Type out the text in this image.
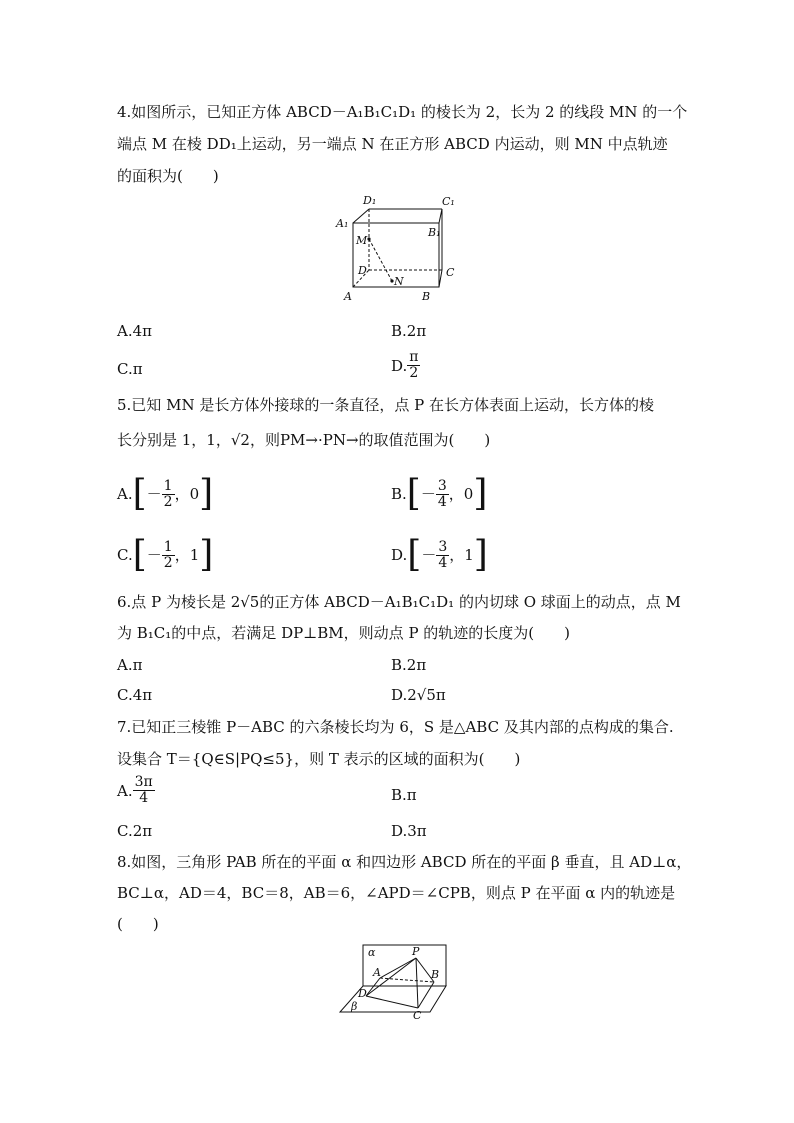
4.如图所示，已知正方体 ABCD－A₁B₁C₁D₁ 的棱长为 2，长为 2 的线段 MN 的一个
端点 M 在棱 DD₁上运动，另一端点 N 在正方形 ABCD 内运动，则 MN 中点轨迹
的面积为(　　)
D₁	C₁
A₁
B₁
M
D	C
N
A	B
A.4π	B.2π
C.π	D. $\frac{\pi}{2}$
5.已知 MN 是长方体外接球的一条直径，点 P 在长方体表面上运动，长方体的棱
长分别是 1，1，√2，则PM→·PN→的取值范围为(　　)
$A.[- \frac{1}{2}$ ，0]	$B.[- \frac{3}{4}$ ，0]
$C.[- \frac{1}{2}$ ，1]	$D.[- \frac{3}{4}$ ，1]
6.点 P 为棱长是 2√5的正方体 ABCD－A₁B₁C₁D₁ 的内切球 O 球面上的动点，点 M
为 B₁C₁的中点，若满足 DP⊥BM，则动点 P 的轨迹的长度为(　　)
A.π	B.2π
C.4π	D.2√5π
7.已知正三棱锥 P－ABC 的六条棱长均为 6，S 是△ABC 及其内部的点构成的集合.
设集合 T＝{Q∈S|PQ≤5}，则 T 表示的区域的面积为(　　)
A. $\frac{3\pi}{4}$	B.π
C.2π	D.3π
8.如图，三角形 PAB 所在的平面 α 和四边形 ABCD 所在的平面 β 垂直，且 AD⊥α，
BC⊥α，AD＝4，BC＝8，AB＝6，∠APD＝∠CPB，则点 P 在平面 α 内的轨迹是
(　　)
α	P
A	B
D
β
C
